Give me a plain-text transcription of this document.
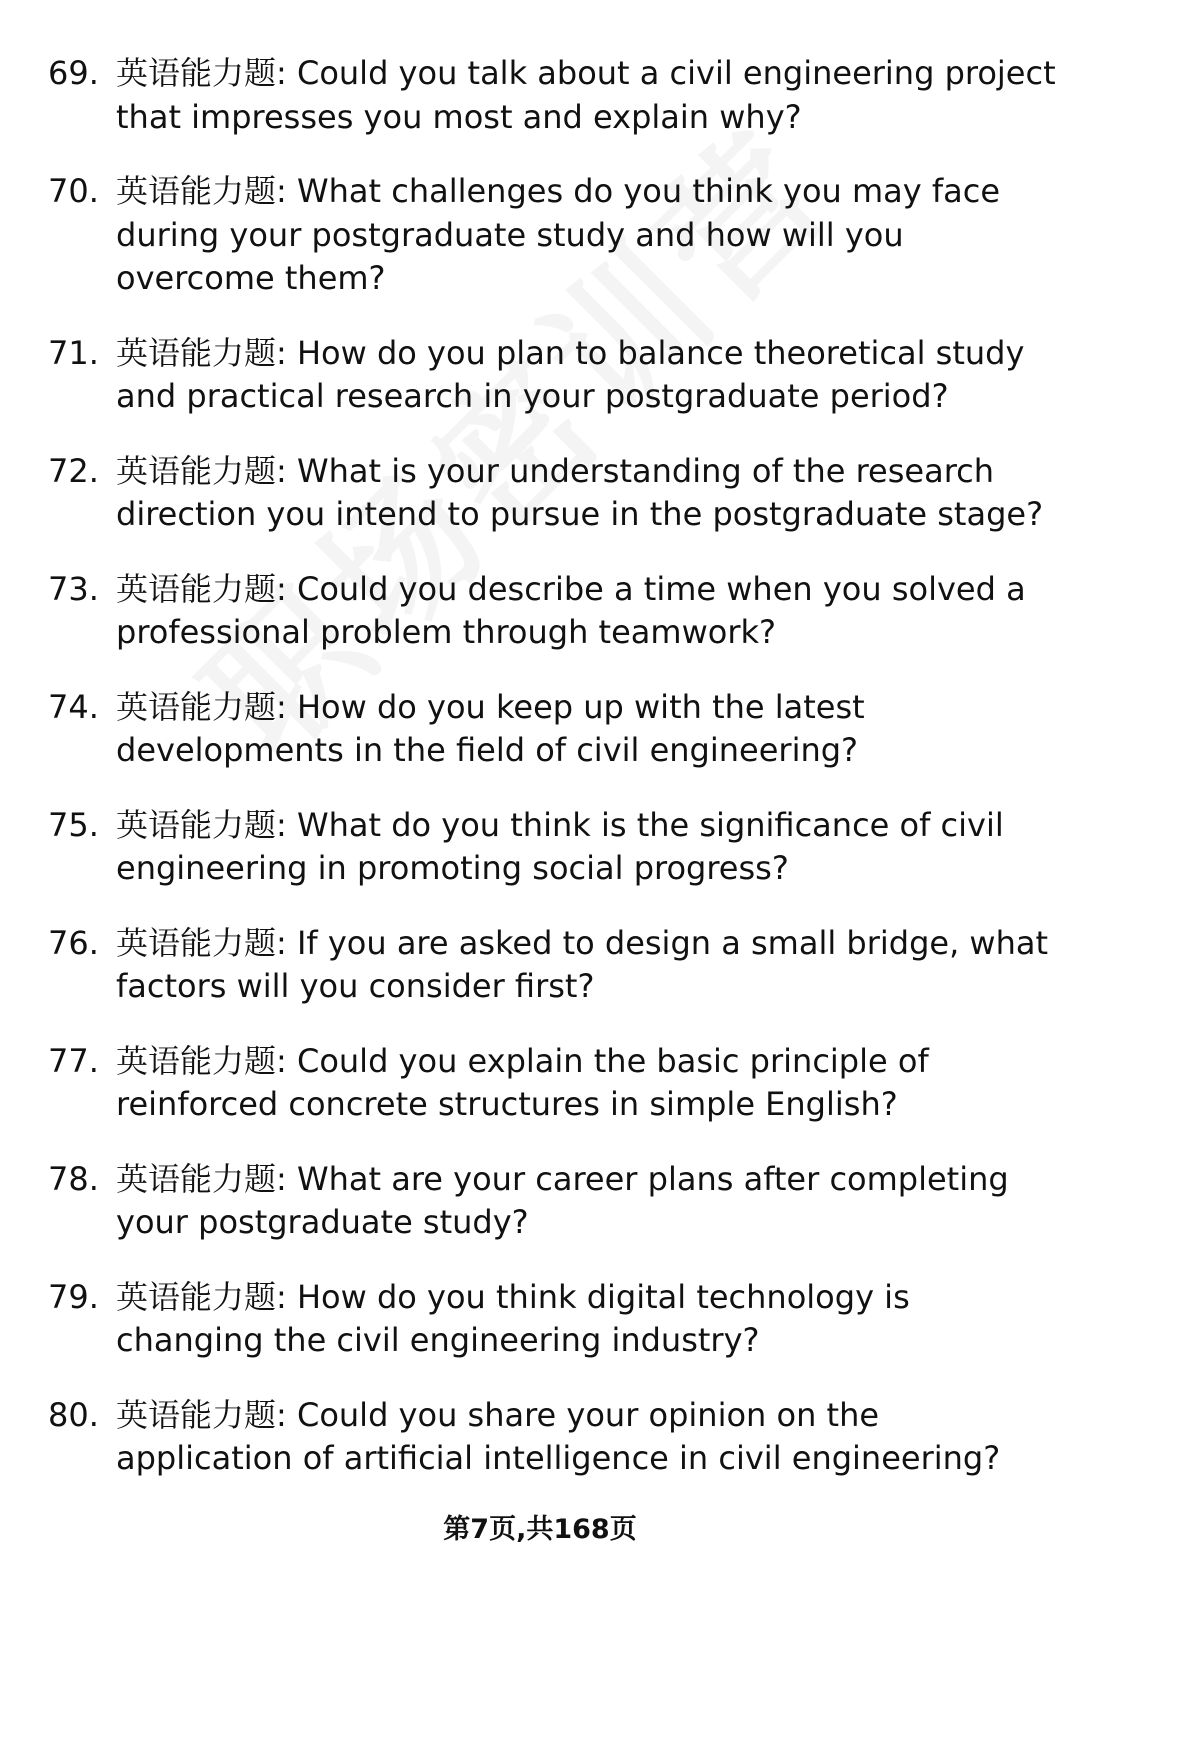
69. 英语能力题: Could you talk about a civil engineering project that impresses you most and explain why?
70. 英语能力题: What challenges do you think you may face during your postgraduate study and how will you overcome them?
71. 英语能力题: How do you plan to balance theoretical study and practical research in your postgraduate period?
72. 英语能力题: What is your understanding of the research direction you intend to pursue in the postgraduate stage?
73. 英语能力题: Could you describe a time when you solved a professional problem through teamwork?
74. 英语能力题: How do you keep up with the latest developments in the field of civil engineering?
75. 英语能力题: What do you think is the significance of civil engineering in promoting social progress?
76. 英语能力题: If you are asked to design a small bridge, what factors will you consider first?
77. 英语能力题: Could you explain the basic principle of reinforced concrete structures in simple English?
78. 英语能力题: What are your career plans after completing your postgraduate study?
79. 英语能力题: How do you think digital technology is changing the civil engineering industry?
80. 英语能力题: Could you share your opinion on the application of artificial intelligence in civil engineering?
第7页,共168页
